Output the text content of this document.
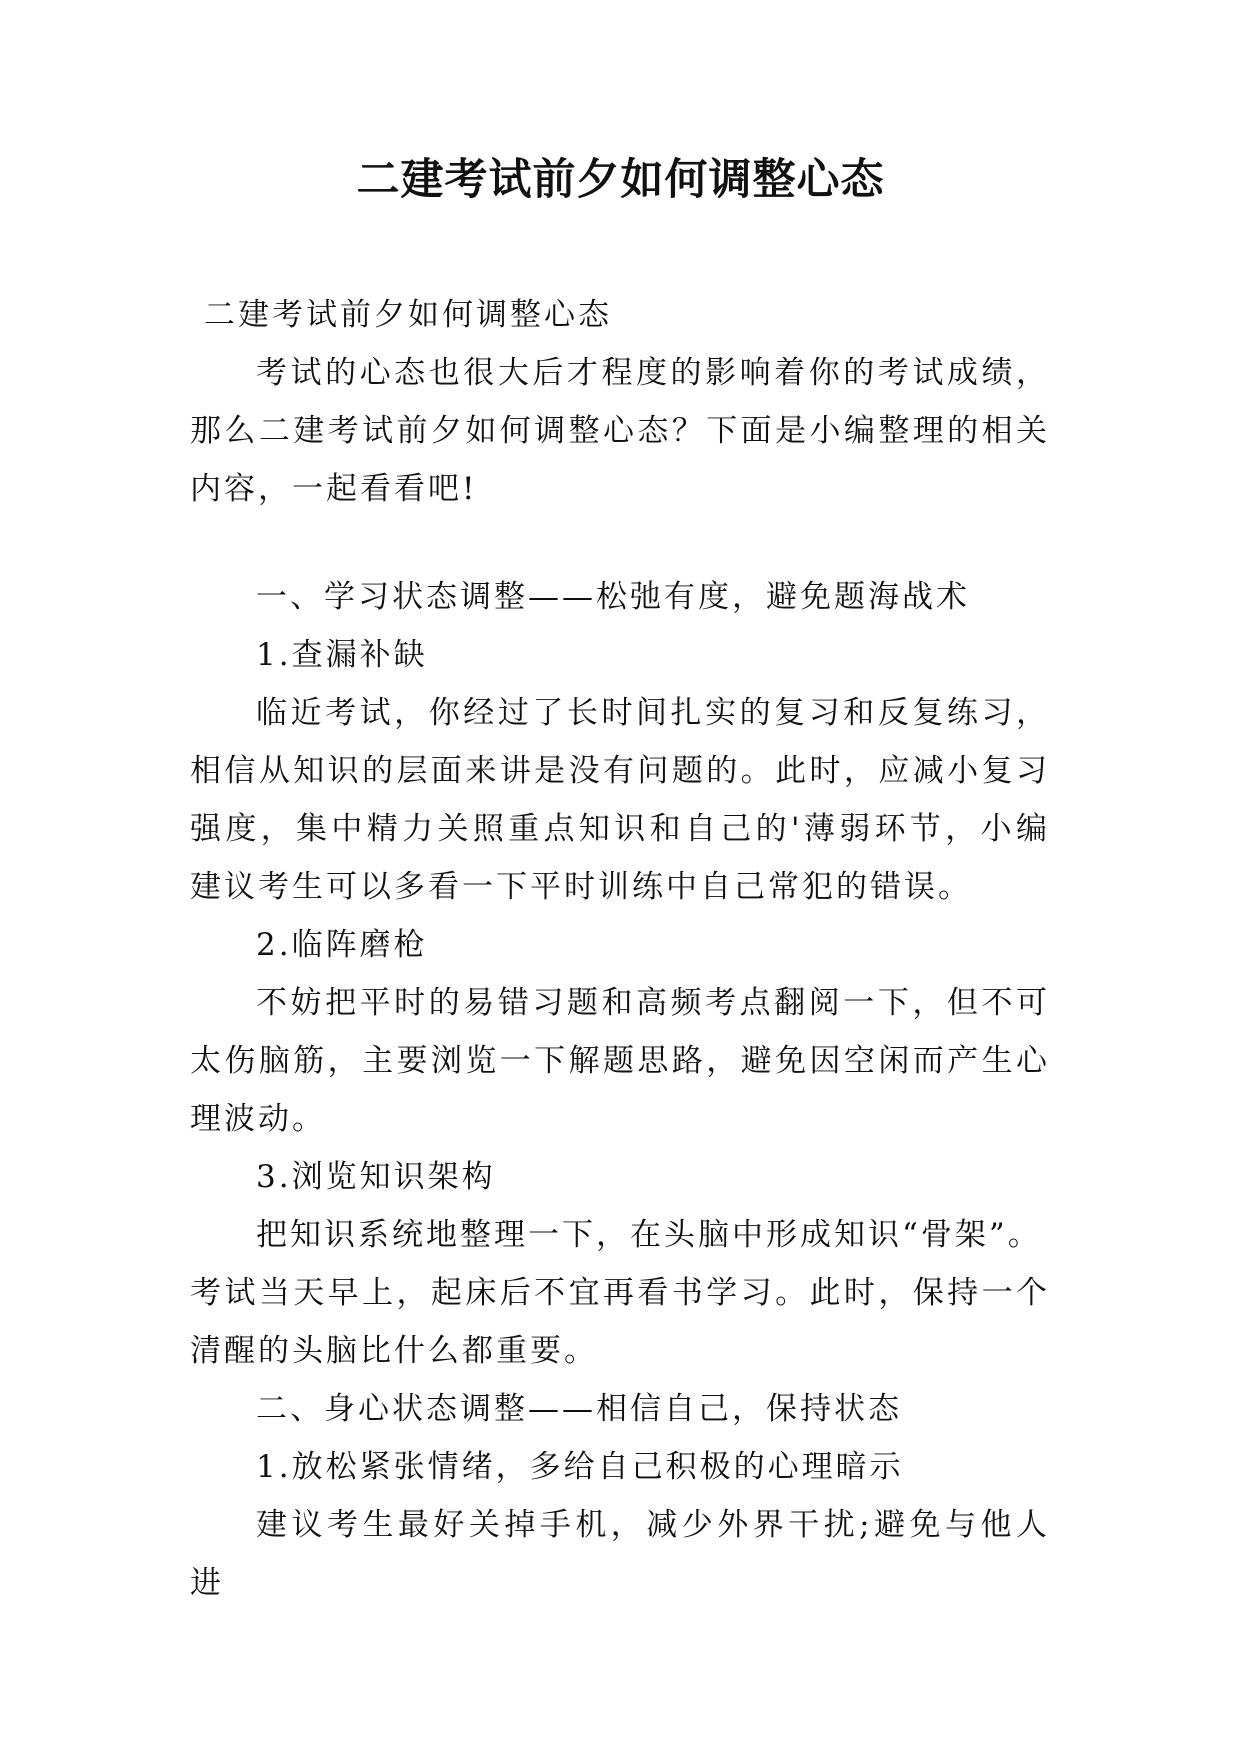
二建考试前夕如何调整心态

二建考试前夕如何调整心态

考试的心态也很大后才程度的影响着你的考试成绩，那么二建考试前夕如何调整心态？下面是小编整理的相关内容，一起看看吧!

一、学习状态调整——松弛有度，避免题海战术

1.查漏补缺

临近考试，你经过了长时间扎实的复习和反复练习，相信从知识的层面来讲是没有问题的。此时，应减小复习强度，集中精力关照重点知识和自己的'薄弱环节，小编建议考生可以多看一下平时训练中自己常犯的错误。

2.临阵磨枪

不妨把平时的易错习题和高频考点翻阅一下，但不可太伤脑筋，主要浏览一下解题思路，避免因空闲而产生心理波动。

3.浏览知识架构

把知识系统地整理一下，在头脑中形成知识“骨架”。

考试当天早上，起床后不宜再看书学习。此时，保持一个清醒的头脑比什么都重要。

二、身心状态调整——相信自己，保持状态

1.放松紧张情绪，多给自己积极的心理暗示

建议考生最好关掉手机，减少外界干扰;避免与他人进
